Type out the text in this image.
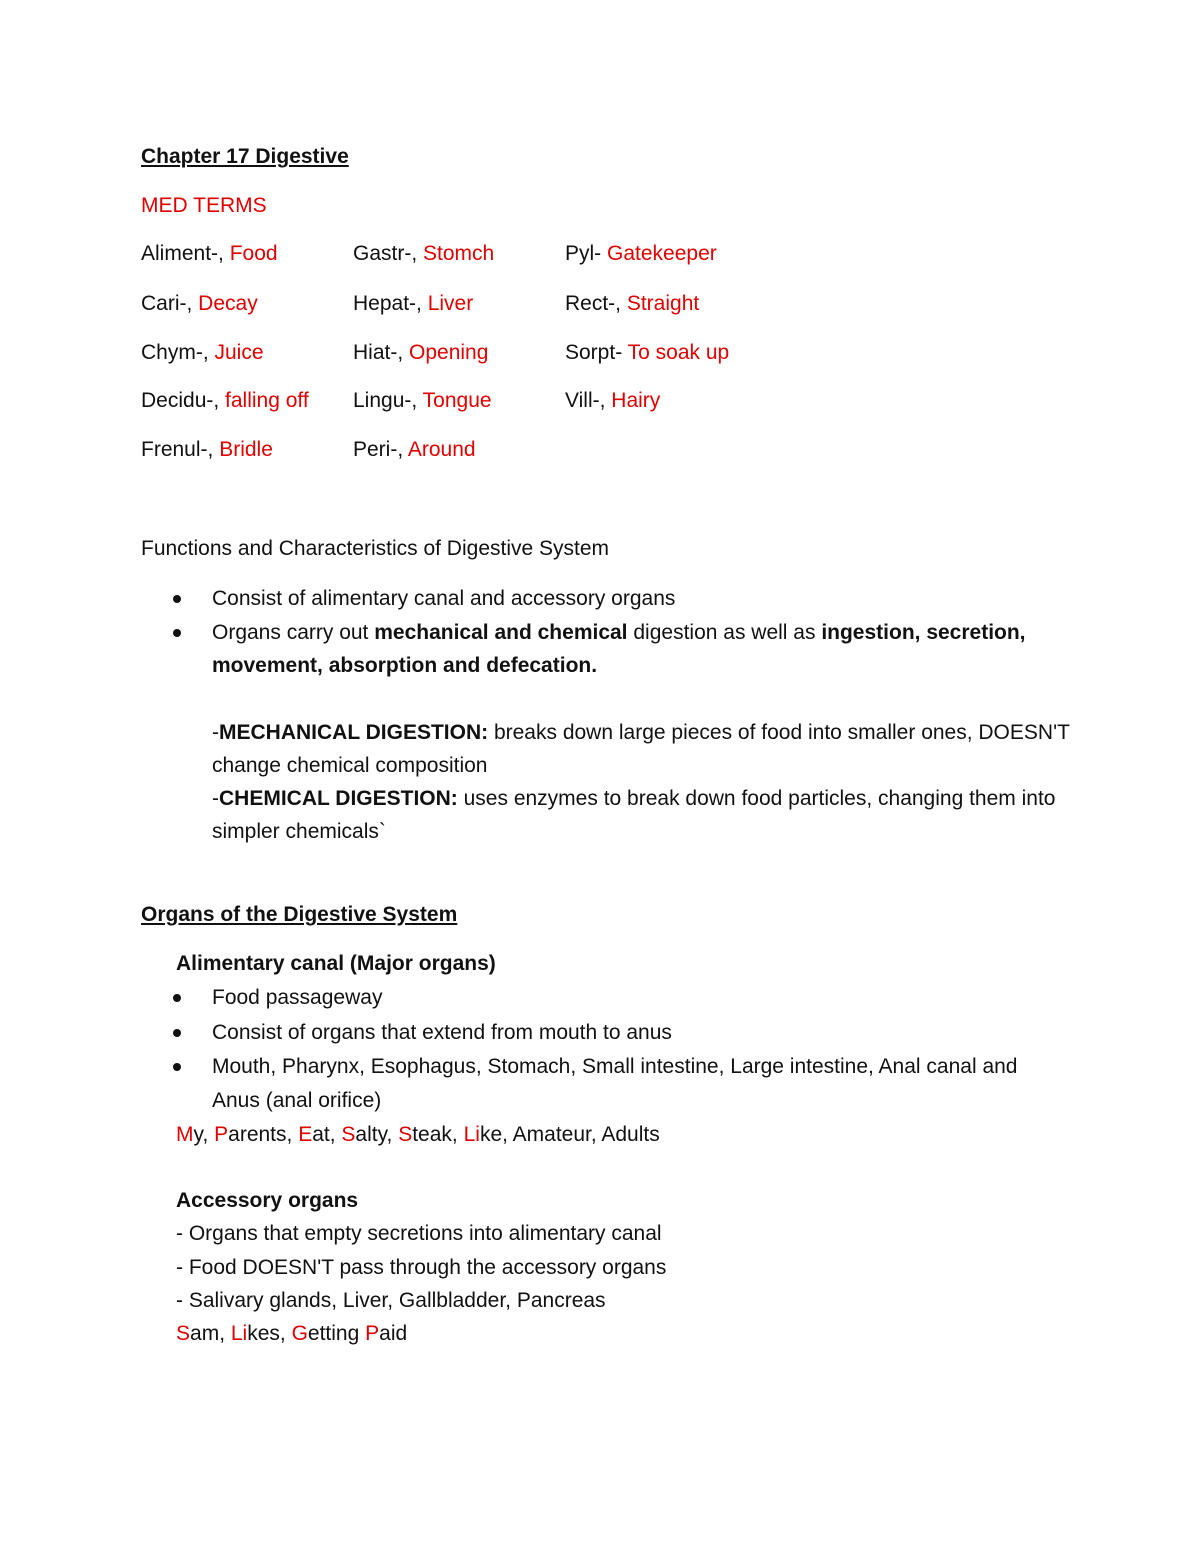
Chapter 17 Digestive
MED TERMS
Aliment-, Food
Cari-, Decay
Chym-, Juice
Decidu-, falling off
Frenul-, Bridle
Gastr-, Stomch
Hepat-, Liver
Hiat-, Opening
Lingu-, Tongue
Peri-, Around
Pyl- Gatekeeper
Rect-, Straight
Sorpt- To soak up
Vill-, Hairy
Functions and Characteristics of Digestive System
Consist of alimentary canal and accessory organs
Organs carry out mechanical and chemical digestion as well as ingestion, secretion,
movement, absorption and defecation.
-MECHANICAL DIGESTION: breaks down large pieces of food into smaller ones, DOESN'T
change chemical composition
-CHEMICAL DIGESTION: uses enzymes to break down food particles, changing them into
simpler chemicals`
Organs of the Digestive System
Alimentary canal (Major organs)
Food passageway
Consist of organs that extend from mouth to anus
Mouth, Pharynx, Esophagus, Stomach, Small intestine, Large intestine, Anal canal and
Anus (anal orifice)
My, Parents, Eat, Salty, Steak, Like, Amateur, Adults
Accessory organs
- Organs that empty secretions into alimentary canal
- Food DOESN'T pass through the accessory organs
- Salivary glands, Liver, Gallbladder, Pancreas
Sam, Likes, Getting Paid
